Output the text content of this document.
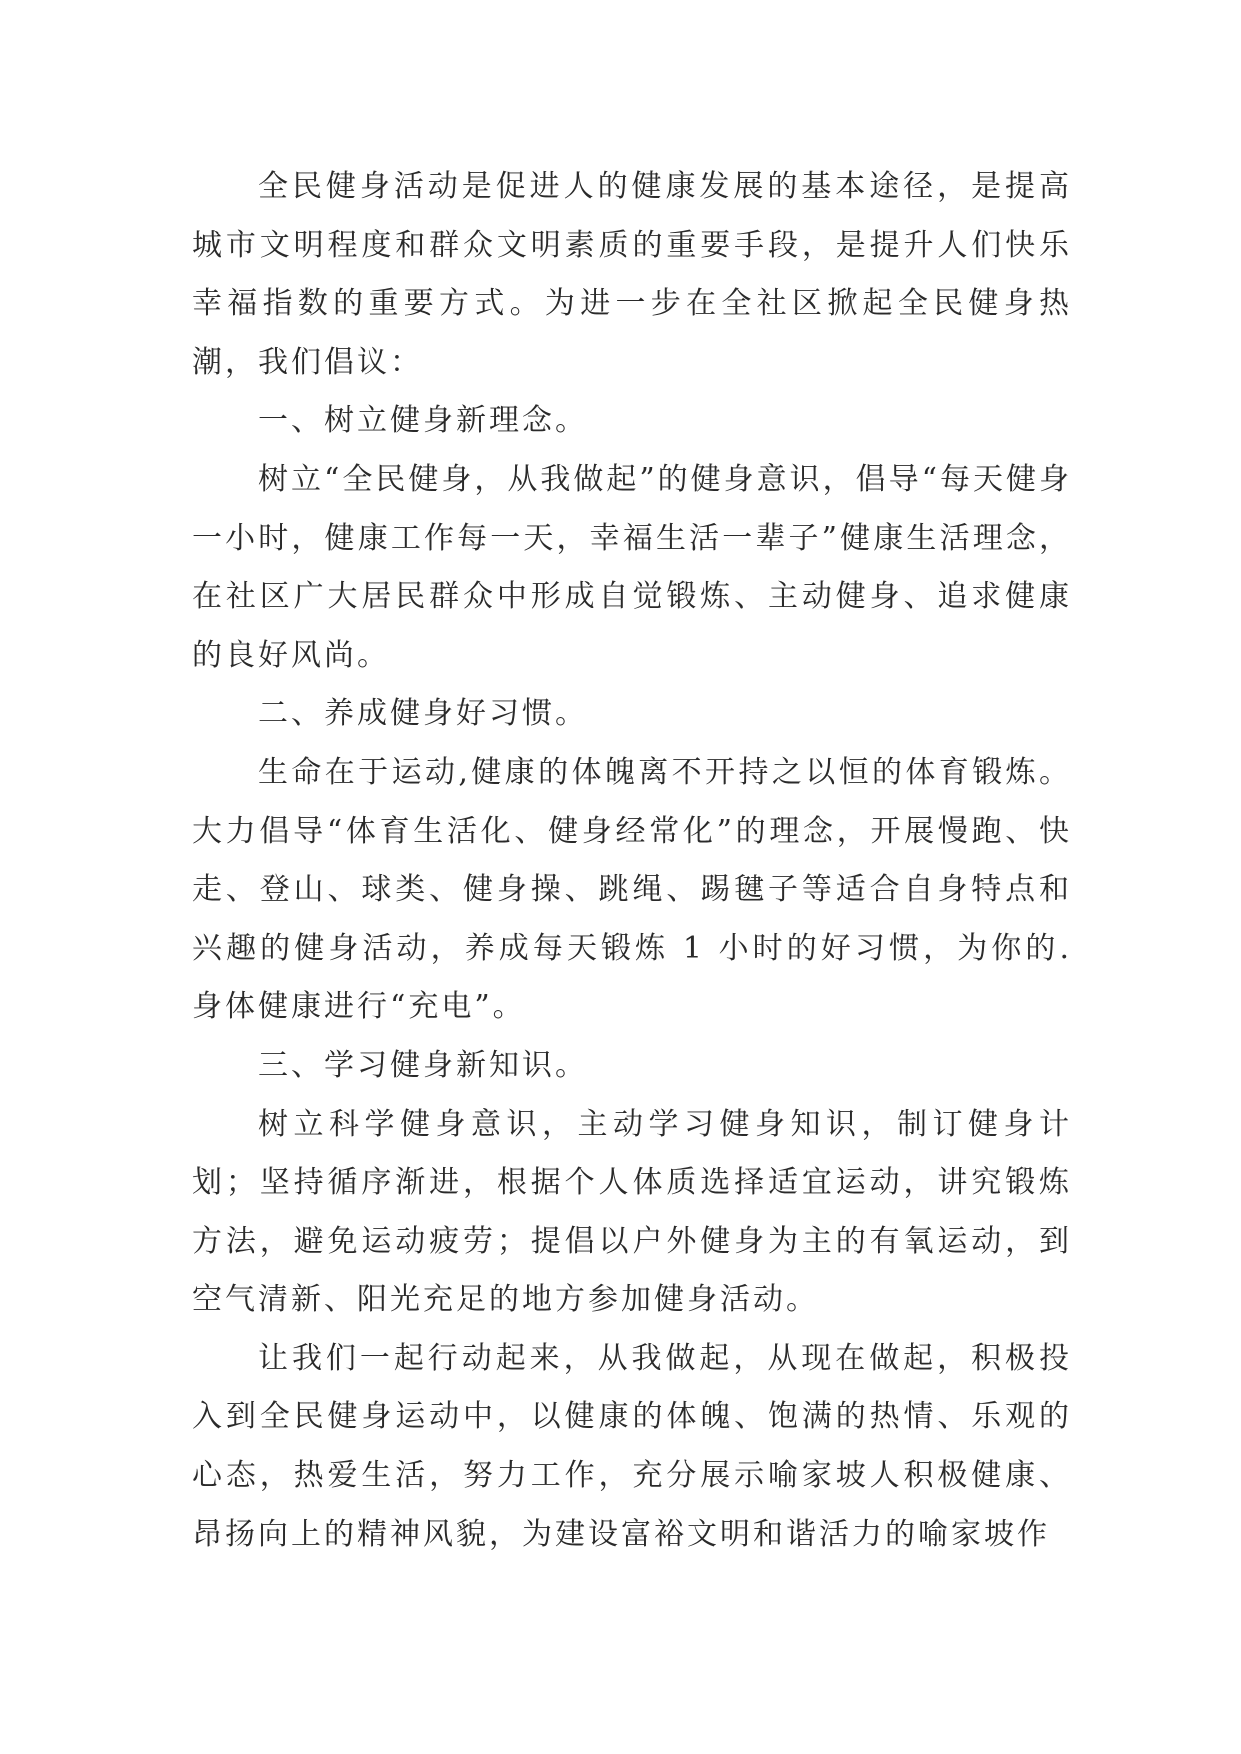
全民健身活动是促进人的健康发展的基本途径，是提高城市文明程度和群众文明素质的重要手段，是提升人们快乐幸福指数的重要方式。为进一步在全社区掀起全民健身热潮，我们倡议：

一、树立健身新理念。

树立“全民健身，从我做起”的健身意识，倡导“每天健身一小时，健康工作每一天，幸福生活一辈子”健康生活理念，在社区广大居民群众中形成自觉锻炼、主动健身、追求健康的良好风尚。

二、养成健身好习惯。

生命在于运动,健康的体魄离不开持之以恒的体育锻炼。大力倡导“体育生活化、健身经常化”的理念，开展慢跑、快走、登山、球类、健身操、跳绳、踢毽子等适合自身特点和兴趣的健身活动，养成每天锻炼 1 小时的好习惯，为你的.身体健康进行“充电”。

三、学习健身新知识。

树立科学健身意识，主动学习健身知识，制订健身计划；坚持循序渐进，根据个人体质选择适宜运动，讲究锻炼方法，避免运动疲劳；提倡以户外健身为主的有氧运动，到空气清新、阳光充足的地方参加健身活动。

让我们一起行动起来，从我做起，从现在做起，积极投入到全民健身运动中，以健康的体魄、饱满的热情、乐观的心态，热爱生活，努力工作，充分展示喻家坡人积极健康、昂扬向上的精神风貌，为建设富裕文明和谐活力的喻家坡作
